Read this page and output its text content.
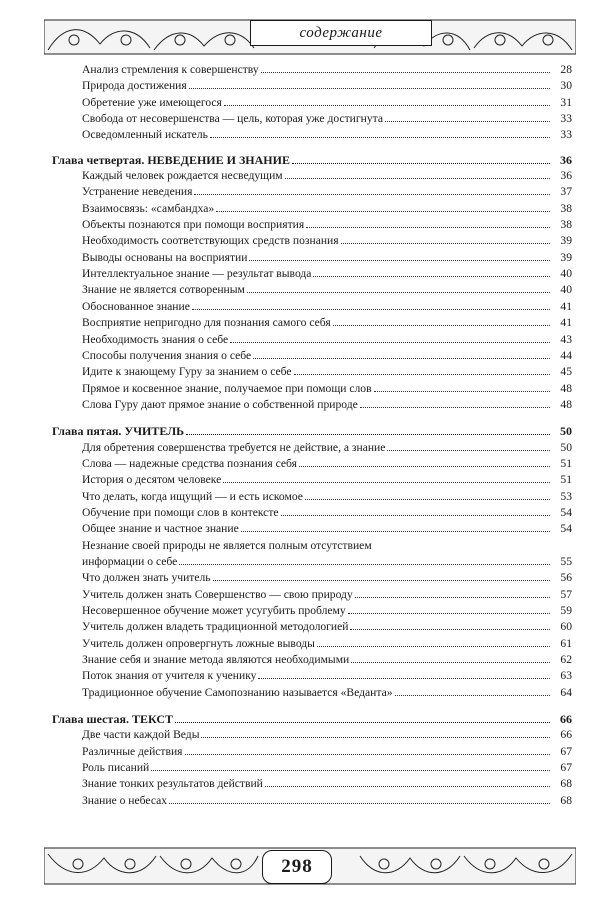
содержание
Анализ стремления к совершенству	28
Природа достижения	30
Обретение уже имеющегося	31
Свобода от несовершенства — цель, которая уже достигнута	33
Осведомленный искатель	33
Глава четвертая. НЕВЕДЕНИЕ И ЗНАНИЕ	36
Каждый человек рождается несведущим	36
Устранение неведения	37
Взаимосвязь: «самбандха»	38
Объекты познаются при помощи восприятия	38
Необходимость соответствующих средств познания	39
Выводы основаны на восприятии	39
Интеллектуальное знание — результат вывода	40
Знание не является сотворенным	40
Обоснованное знание	41
Восприятие непригодно для познания самого себя	41
Необходимость знания о себе	43
Способы получения знания о себе	44
Идите к знающему Гуру за знанием о себе	45
Прямое и косвенное знание, получаемое при помощи слов	48
Слова Гуру дают прямое знание о собственной природе	48
Глава пятая. УЧИТЕЛЬ	50
Для обретения совершенства требуется не действие, а знание	50
Слова — надежные средства познания себя	51
История о десятом человеке	51
Что делать, когда ищущий — и есть искомое	53
Обучение при помощи слов в контексте	54
Общее знание и частное знание	54
Незнание своей природы не является полным отсутствием
информации о себе	55
Что должен знать учитель	56
Учитель должен знать Совершенство — свою природу	57
Несовершенное обучение может усугубить проблему	59
Учитель должен владеть традиционной методологией	60
Учитель должен опровергнуть ложные выводы	61
Знание себя и знание метода являются необходимыми	62
Поток знания от учителя к ученику	63
Традиционное обучение Самопознанию называется «Веданта»	64
Глава шестая. ТЕКСТ	66
Две части каждой Веды	66
Различные действия	67
Роль писаний	67
Знание тонких результатов действий	68
Знание о небесах	68
298
